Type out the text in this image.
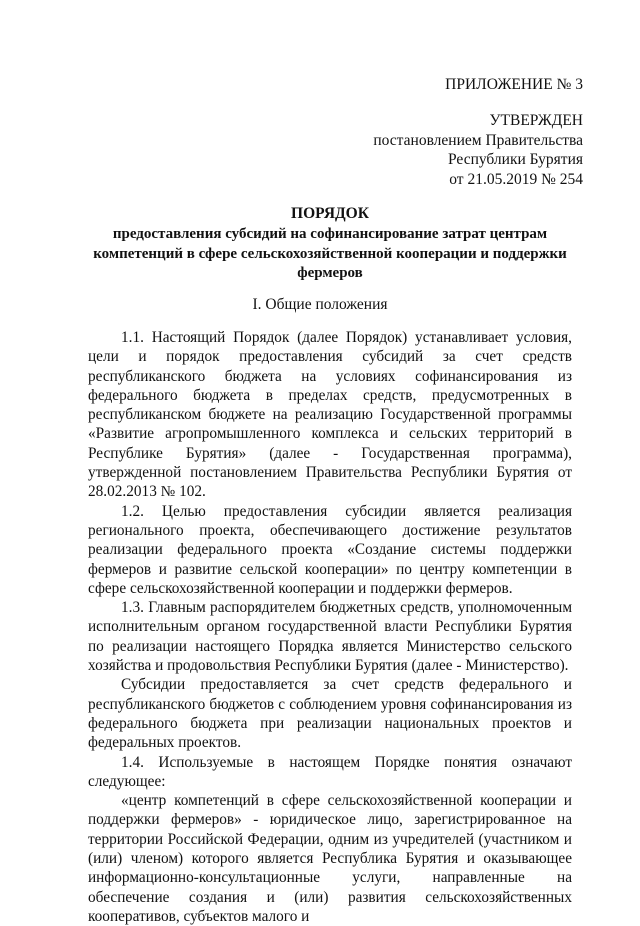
ПРИЛОЖЕНИЕ № 3
УТВЕРЖДЕН
постановлением Правительства
Республики Бурятия
от 21.05.2019 № 254
ПОРЯДОК
предоставления субсидий на софинансирование затрат центрам компетенций в сфере сельскохозяйственной кооперации и поддержки фермеров
I. Общие положения

1.1. Настоящий Порядок (далее Порядок) устанавливает условия, цели и порядок предоставления субсидий за счет средств республиканского бюджета на условиях софинансирования из федерального бюджета в пределах средств, предусмотренных в республиканском бюджете на реализацию Государственной программы «Развитие агропромышленного комплекса и сельских территорий в Республике Бурятия» (далее - Государственная программа), утвержденной постановлением Правительства Республики Бурятия от 28.02.2013 № 102.

1.2. Целью предоставления субсидии является реализация регионального проекта, обеспечивающего достижение результатов реализации федерального проекта «Создание системы поддержки фермеров и развитие сельской кооперации» по центру компетенции в сфере сельскохозяйственной кооперации и поддержки фермеров.

1.3. Главным распорядителем бюджетных средств, уполномоченным исполнительным органом государственной власти Республики Бурятия по реализации настоящего Порядка является Министерство сельского хозяйства и продовольствия Республики Бурятия (далее - Министерство).

Субсидии предоставляется за счет средств федерального и республиканского бюджетов с соблюдением уровня софинансирования из федерального бюджета при реализации национальных проектов и федеральных проектов.

1.4. Используемые в настоящем Порядке понятия означают следующее:

«центр компетенций в сфере сельскохозяйственной кооперации и поддержки фермеров» - юридическое лицо, зарегистрированное на территории Российской Федерации, одним из учредителей (участником и (или) членом) которого является Республика Бурятия и оказывающее информационно-консультационные услуги, направленные на обеспечение создания и (или) развития сельскохозяйственных кооперативов, субъектов малого и
